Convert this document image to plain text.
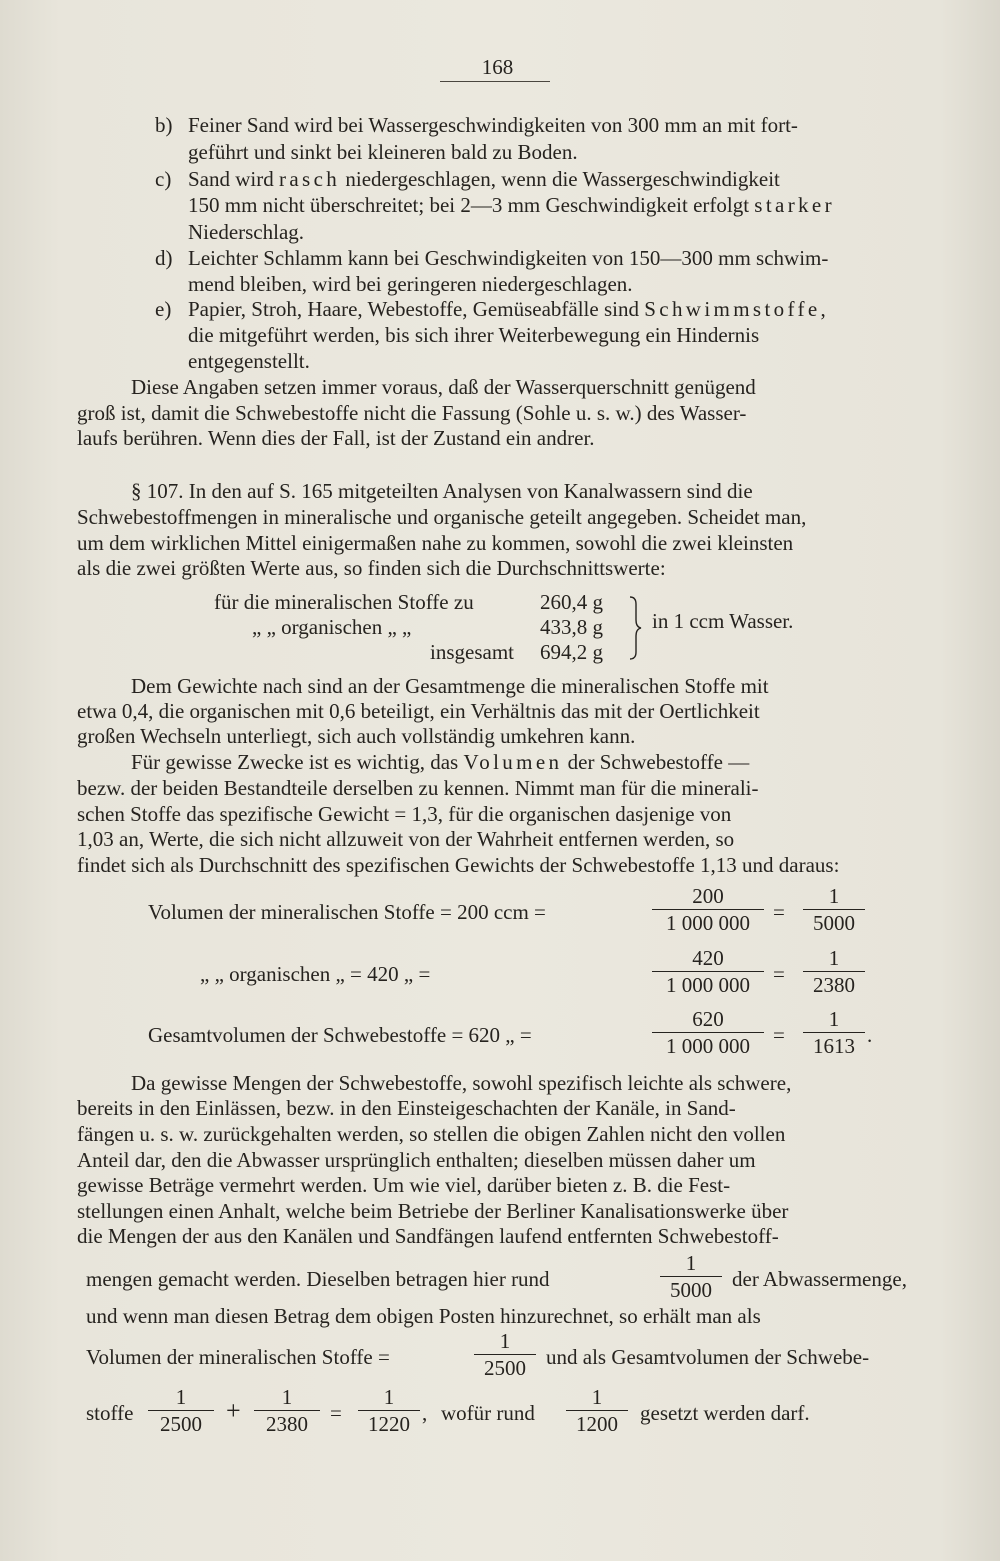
168
b) Feiner Sand wird bei Wassergeschwindigkeiten von 300 mm an mit fort-
geführt und sinkt bei kleineren bald zu Boden.
c) Sand wird rasch niedergeschlagen, wenn die Wassergeschwindigkeit
150 mm nicht überschreitet; bei 2—3 mm Geschwindigkeit erfolgt starker
Niederschlag.
d) Leichter Schlamm kann bei Geschwindigkeiten von 150—300 mm schwim-
mend bleiben, wird bei geringeren niedergeschlagen.
e) Papier, Stroh, Haare, Webestoffe, Gemüseabfälle sind Schwimmstoffe,
die mitgeführt werden, bis sich ihrer Weiterbewegung ein Hindernis
entgegenstellt.
Diese Angaben setzen immer voraus, daß der Wasserquerschnitt genügend
groß ist, damit die Schwebestoffe nicht die Fassung (Sohle u. s. w.) des Wasser-
laufs berühren. Wenn dies der Fall, ist der Zustand ein andrer.
§ 107. In den auf S. 165 mitgeteilten Analysen von Kanalwassern sind die
Schwebestoffmengen in mineralische und organische geteilt angegeben. Scheidet man,
um dem wirklichen Mittel einigermaßen nahe zu kommen, sowohl die zwei kleinsten
als die zwei größten Werte aus, so finden sich die Durchschnittswerte:
für die mineralischen Stoffe zu	260,4 g
„ „ organischen „ „	433,8 g
insgesamt 694,2 g
in 1 ccm Wasser.
Dem Gewichte nach sind an der Gesamtmenge die mineralischen Stoffe mit
etwa 0,4, die organischen mit 0,6 beteiligt, ein Verhältnis das mit der Oertlichkeit
großen Wechseln unterliegt, sich auch vollständig umkehren kann.
Für gewisse Zwecke ist es wichtig, das Volumen der Schwebestoffe —
bezw. der beiden Bestandteile derselben zu kennen. Nimmt man für die minerali-
schen Stoffe das spezifische Gewicht = 1,3, für die organischen dasjenige von
1,03 an, Werte, die sich nicht allzuweit von der Wahrheit entfernen werden, so
findet sich als Durchschnitt des spezifischen Gewichts der Schwebestoffe 1,13 und daraus:
Volumen der mineralischen Stoffe = 200 ccm =	$\frac{200}{1 000 000} = \frac{1}{5000}$
„ „ organischen „ = 420 „ =	$\frac{420}{1 000 000} = \frac{1}{2380}$
Gesamtvolumen der Schwebestoffe = 620 „ =	$\frac{620}{1 000 000} = \frac{1}{1613}$ .
Da gewisse Mengen der Schwebestoffe, sowohl spezifisch leichte als schwere,
bereits in den Einlässen, bezw. in den Einsteigeschachten der Kanäle, in Sand-
fängen u. s. w. zurückgehalten werden, so stellen die obigen Zahlen nicht den vollen
Anteil dar, den die Abwasser ursprünglich enthalten; dieselben müssen daher um
gewisse Beträge vermehrt werden. Um wie viel, darüber bieten z. B. die Fest-
stellungen einen Anhalt, welche beim Betriebe der Berliner Kanalisationswerke über
die Mengen der aus den Kanälen und Sandfängen laufend entfernten Schwebestoff-
mengen gemacht werden. Dieselben betragen hier rund	$\frac{1}{5000}$ der Abwassermenge,
und wenn man diesen Betrag dem obigen Posten hinzurechnet, so erhält man als
Volumen der mineralischen Stoffe =	$\frac{1}{2500}$ und als Gesamtvolumen der Schwebe-
stoffe $\frac{1}{2500} + \frac{1}{2380} = \frac{1}{1220}$ , wofür rund $\frac{1}{1200}$ gesetzt werden darf.
